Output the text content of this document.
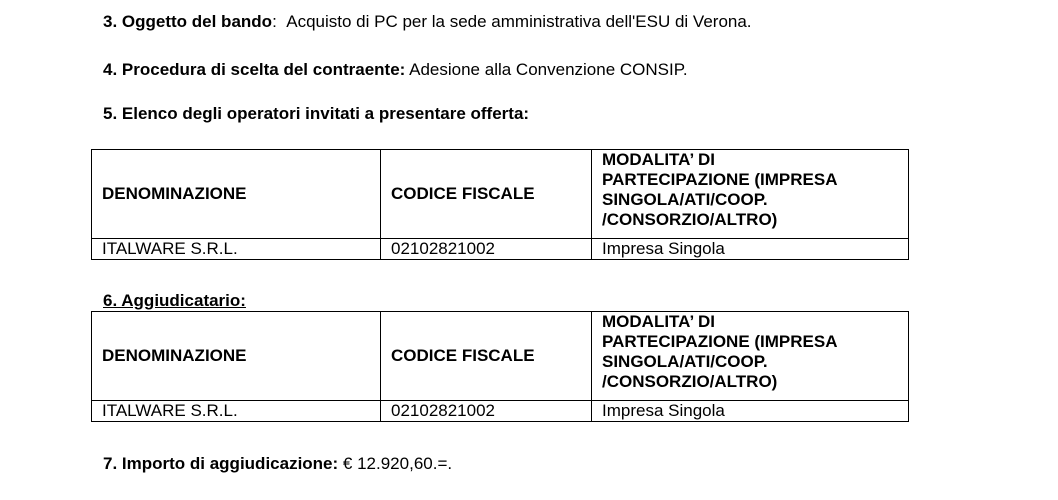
3. Oggetto del bando:  Acquisto di PC per la sede amministrativa dell'ESU di Verona.
4. Procedura di scelta del contraente: Adesione alla Convenzione CONSIP.
5. Elenco degli operatori invitati a presentare offerta:
DENOMINAZIONE	CODICE FISCALE	MODALITA’ DI
PARTECIPAZIONE (IMPRESA
SINGOLA/ATI/COOP.
/CONSORZIO/ALTRO)

ITALWARE S.R.L.	02102821002	Impresa Singola
6. Aggiudicatario:
DENOMINAZIONE	CODICE FISCALE	MODALITA’ DI
PARTECIPAZIONE (IMPRESA
SINGOLA/ATI/COOP.
/CONSORZIO/ALTRO)

ITALWARE S.R.L.	02102821002	Impresa Singola
7. Importo di aggiudicazione: € 12.920,60.=.
